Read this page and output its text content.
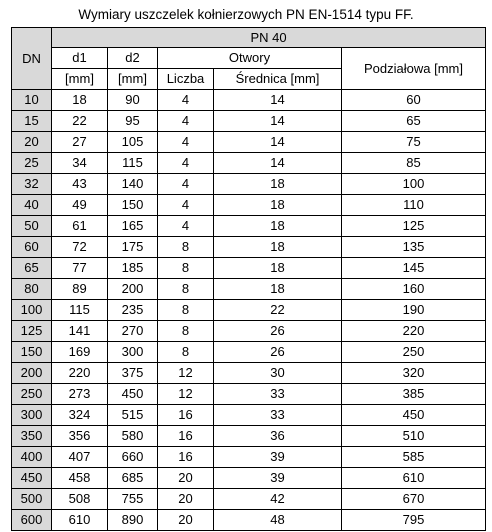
Wymiary uszczelek kołnierzowych PN EN-1514 typu FF.
DN	PN 40				
	d1	d2	Otwory		Podziałowa [mm]
	[mm]	[mm]	Liczba	Średnica [mm]	
10	18	90	4	14	60
15	22	95	4	14	65
20	27	105	4	14	75
25	34	115	4	14	85
32	43	140	4	18	100
40	49	150	4	18	110
50	61	165	4	18	125
60	72	175	8	18	135
65	77	185	8	18	145
80	89	200	8	18	160
100	115	235	8	22	190
125	141	270	8	26	220
150	169	300	8	26	250
200	220	375	12	30	320
250	273	450	12	33	385
300	324	515	16	33	450
350	356	580	16	36	510
400	407	660	16	39	585
450	458	685	20	39	610
500	508	755	20	42	670
600	610	890	20	48	795
